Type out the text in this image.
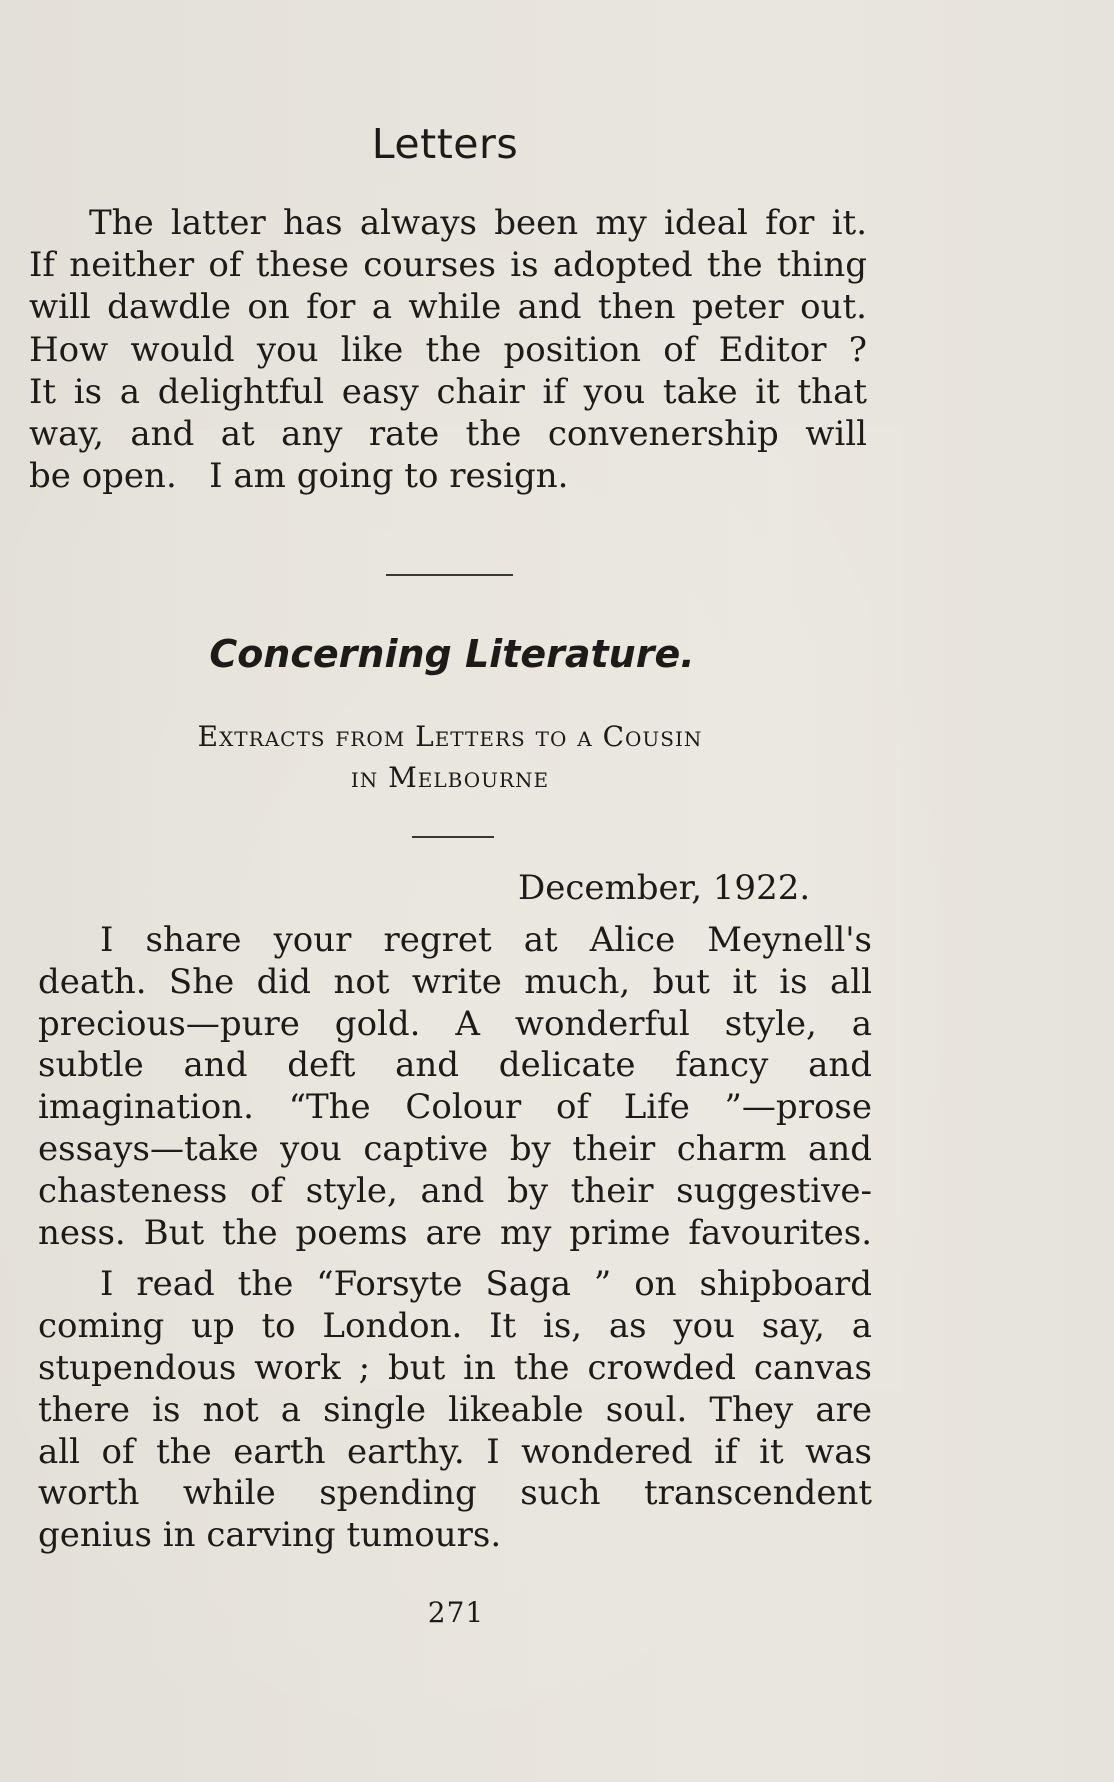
Letters

The latter has always been my ideal for it.
If neither of these courses is adopted the thing
will dawdle on for a while and then peter out.
How would you like the position of Editor ?
It is a delightful easy chair if you take it that
way, and at any rate the convenership will
be open.   I am going to resign.

Concerning Literature.

Extracts from Letters to a Cousin
in Melbourne

December, 1922.

I share your regret at Alice Meynell's
death. She did not write much, but it is all
precious—pure gold. A wonderful style, a
subtle and deft and delicate fancy and
imagination. “The Colour of Life ”—prose
essays—take you captive by their charm and
chasteness of style, and by their suggestive-
ness. But the poems are my prime favourites.

I read the “Forsyte Saga ” on shipboard
coming up to London. It is, as you say, a
stupendous work ; but in the crowded canvas
there is not a single likeable soul. They are
all of the earth earthy. I wondered if it was
worth while spending such transcendent
genius in carving tumours.

271
